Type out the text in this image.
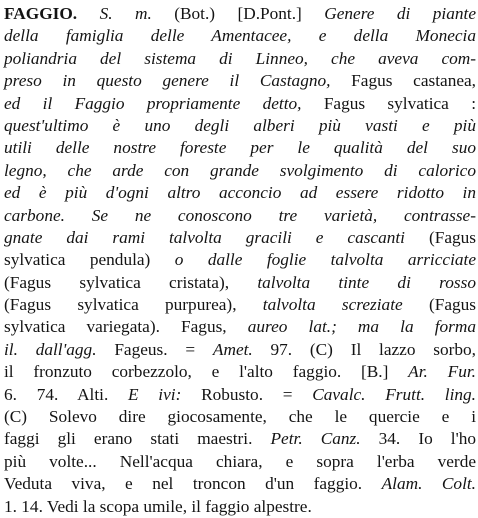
FAGGIO. S. m. (Bot.) [D.Pont.] Genere di piante
della famiglia delle Amentacee, e della Monecia
poliandria del sistema di Linneo, che aveva com-
preso in questo genere il Castagno, Fagus castanea,
ed il Faggio propriamente detto, Fagus sylvatica :
quest'ultimo è uno degli alberi più vasti e più
utili delle nostre foreste per le qualità del suo
legno, che arde con grande svolgimento di calorico
ed è più d'ogni altro acconcio ad essere ridotto in
carbone. Se ne conoscono tre varietà, contrasse-
gnate dai rami talvolta gracili e cascanti (Fagus
sylvatica pendula) o dalle foglie talvolta arricciate
(Fagus sylvatica cristata), talvolta tinte di rosso
(Fagus sylvatica purpurea), talvolta screziate (Fagus
sylvatica variegata). Fagus, aureo lat.; ma la forma
il. dall'agg. Fageus. = Amet. 97. (C) Il lazzo sorbo,
il fronzuto corbezzolo, e l'alto faggio. [B.] Ar. Fur.
6. 74. Alti. E ivi: Robusto. = Cavalc. Frutt. ling.
(C) Solevo dire giocosamente, che le quercie e i
faggi gli erano stati maestri. Petr. Canz. 34. Io l'ho
più volte... Nell'acqua chiara, e sopra l'erba verde
Veduta viva, e nel troncon d'un faggio. Alam. Colt.
1. 14. Vedi la scopa umile, il faggio alpestre.
